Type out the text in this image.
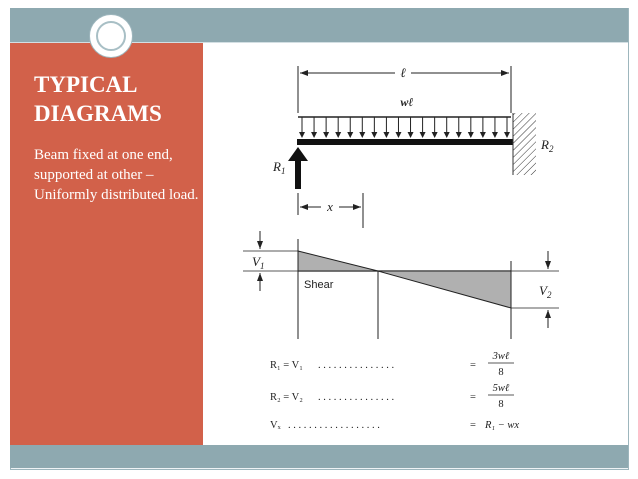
TYPICAL DIAGRAMS
Beam fixed at one end, supported at other – Uniformly distributed load.
ℓ
wℓ
$R_2$
$R_1$
x
Shear
$V_1$
$V_2$
R₁ = V₁ . . . . . . . . . . . . . . .	=
3wℓ
8
R₂ = V₂ . . . . . . . . . . . . . . .	=
5wℓ
8
Vₓ . . . . . . . . . . . . . . . . . .	= R₁ − wx
